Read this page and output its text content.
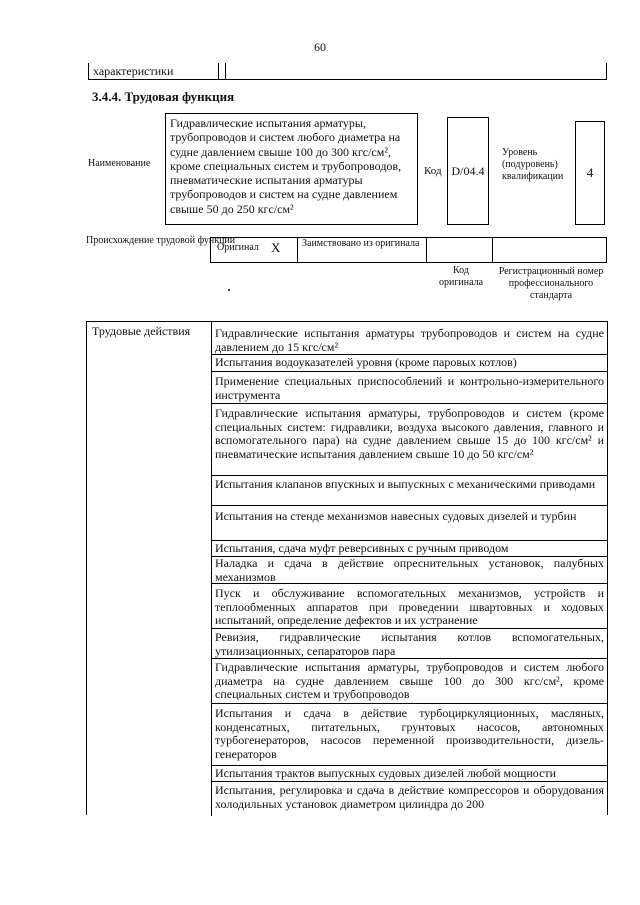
60
характеристики
3.4.4. Трудовая функция
Наименование
Гидравлические испытания арматуры, трубопроводов и систем любого диаметра на судне давлением свыше 100 до 300 кгс/см², кроме специальных систем и трубопроводов, пневматические испытания арматуры трубопроводов и систем на судне давлением свыше 50 до 250 кгс/см²
Код D/04.4
Уровень (подуровень) квалификации	4
Происхождение трудовой функции
Оригинал X Заимствовано из оригинала
Код оригинала
Регистрационный номер профессионального стандарта
Трудовые действия Гидравлические испытания арматуры трубопроводов и систем на судне давлением до 15 кгс/см²
Испытания водоуказателей уровня (кроме паровых котлов)
Применение специальных приспособлений и контрольно-измерительного инструмента
Гидравлические испытания арматуры, трубопроводов и систем (кроме специальных систем: гидравлики, воздуха высокого давления, главного и вспомогательного пара) на судне давлением свыше 15 до 100 кгс/см² и пневматические испытания давлением свыше 10 до 50 кгс/см²
Испытания клапанов впускных и выпускных с механическими приводами
Испытания на стенде механизмов навесных судовых дизелей и турбин
Испытания, сдача муфт реверсивных с ручным приводом
Наладка и сдача в действие опреснительных установок, палубных механизмов
Пуск и обслуживание вспомогательных механизмов, устройств и теплообменных аппаратов при проведении швартовных и ходовых испытаний, определение дефектов и их устранение
Ревизия, гидравлические испытания котлов вспомогательных, утилизационных, сепараторов пара
Гидравлические испытания арматуры, трубопроводов и систем любого диаметра на судне давлением свыше 100 до 300 кгс/см², кроме специальных систем и трубопроводов
Испытания и сдача в действие турбоциркуляционных, масляных, конденсатных, питательных, грунтовых насосов, автономных турбогенераторов, насосов переменной производительности, дизель-генераторов
Испытания трактов выпускных судовых дизелей любой мощности
Испытания, регулировка и сдача в действие компрессоров и оборудования холодильных установок диаметром цилиндра до 200
